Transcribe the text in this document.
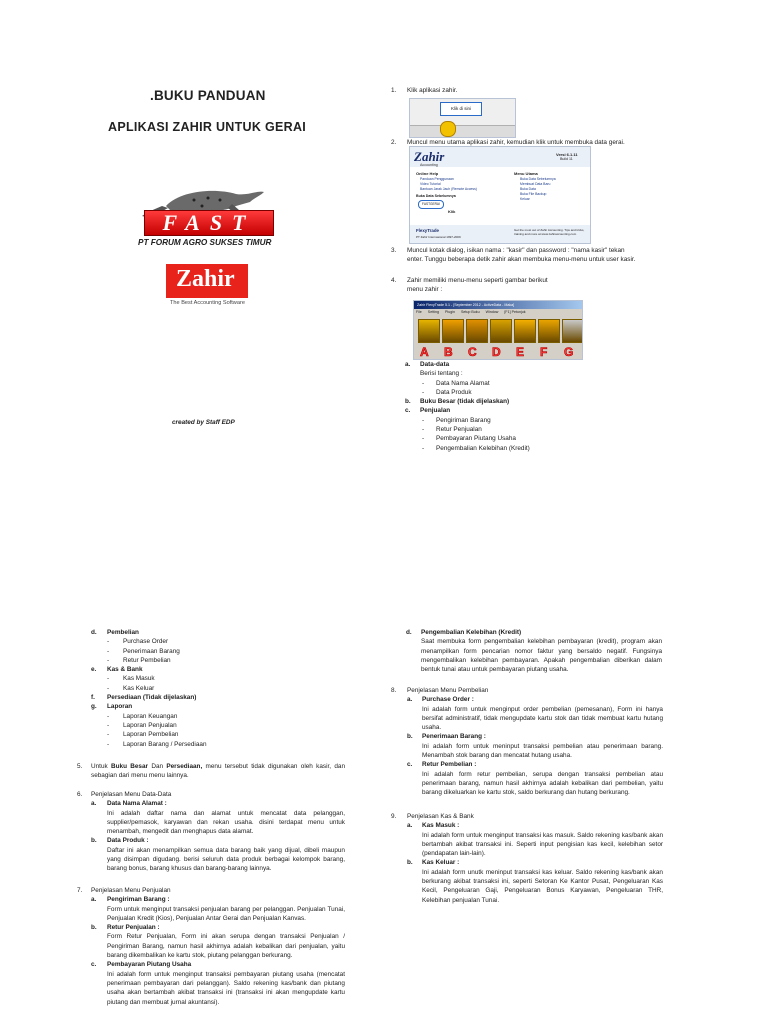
.BUKU PANDUAN
APLIKASI ZAHIR UNTUK GERAI
FAST
PT FORUM AGRO SUKSES TIMUR
Zahir
The Best Accounting Software
created by Staff EDP
1. Klik aplikasi zahir.
Klik di sini
2. Muncul menu utama aplikasi zahir, kemudian klik untuk membuka data gerai.
Zahir
Accounting
Versi 6.1.11
Build 11
Online Help
Panduan Penggunaan
Video Tutorial
Bantuan Jarak Jauh (Remote Access)
Buka Data Sebelumnya
FASTGERAI
Klik
Menu Utama
Buka Data Sebelumnya
Membuat Data Baru
Buka Data
Buka File Backup
Keluar
FlexyTrade
PT Zahir Internasional 1997-2009
Get the most out of Zahir Accounting. Tips and tricks, training and more at www.zahiraccounting.com
3. Muncul kotak dialog, isikan nama : "kasir" dan password : "nama kasir" tekan enter. Tunggu beberapa detik zahir akan membuka menu-menu untuk user kasir.
4. Zahir memiliki menu-menu seperti gambar berikut
menu zahir :
Zahir FlexyTrade 5.1 - [September 2012 - ActiveData - Maka]
File Setting Plugin Setup Buku Window [F1] Petunjuk
A B C D E F G
a. Data-data
Berisi tentang :
- Data Nama Alamat
- Data Produk
b. Buku Besar (tidak dijelaskan)
c. Penjualan
- Pengiriman Barang
- Retur Penjualan
- Pembayaran Piutang Usaha
- Pengembalian Kelebihan (Kredit)
d. Pembelian
- Purchase Order
- Penerimaan Barang
- Retur Pembelian
e. Kas & Bank
- Kas Masuk
- Kas Keluar
f. Persediaan (Tidak dijelaskan)
g. Laporan
- Laporan Keuangan
- Laporan Penjualan
- Laporan Pembelian
- Laporan Barang / Persediaan
5. Untuk Buku Besar Dan Persediaan, menu tersebut tidak digunakan oleh kasir, dan sebagian dari menu menu lainnya.
6. Penjelasan Menu Data-Data
a. Data Nama Alamat :
Ini adalah daftar nama dan alamat untuk mencatat data pelanggan, supplier/pemasok, karyawan dan rekan usaha. disini terdapat menu untuk menambah, mengedit dan menghapus data alamat.
b. Data Produk :
Daftar ini akan menampilkan semua data barang baik yang dijual, dibeli maupun yang disimpan digudang. berisi seluruh data produk berbagai kelompok barang, barang bonus, barang khusus dan barang-barang lainnya.
7. Penjelasan Menu Penjualan
a. Pengiriman Barang :
Form untuk menginput transaksi penjualan barang per pelanggan. Penjualan Tunai, Penjualan Kredit (Kios), Penjualan Antar Gerai dan Penjualan Kanvas.
b. Retur Penjualan :
Form Retur Penjualan, Form ini akan serupa dengan transaksi Penjualan / Pengiriman Barang, namun hasil akhirnya adalah kebalikan dari penjualan, yaitu barang dikembalikan ke kartu stok, piutang pelanggan berkurang.
c. Pembayaran Piutang Usaha
Ini adalah form untuk menginput transaksi pembayaran piutang usaha (mencatat penerimaan pembayaran dari pelanggan). Saldo rekening kas/bank dan piutang usaha akan bertambah akibat transaksi ini (transaksi ini akan mengupdate kartu piutang dan membuat jurnal akuntansi).
d. Pengembalian Kelebihan (Kredit)
Saat membuka form pengembalian kelebihan pembayaran (kredit), program akan menampilkan form pencarian nomor faktur yang bersaldo negatif. Fungsinya mengembalikan kelebihan pembayaran. Apakah pengembalian diberikan dalam bentuk tunai atau untuk pembayaran piutang usaha.
8. Penjelasan Menu Pembelian
a. Purchase Order :
Ini adalah form untuk menginput order pembelian (pemesanan), Form ini hanya bersifat administratif, tidak mengupdate kartu stok dan tidak membuat kartu hutang usaha.
b. Penerimaan Barang :
Ini adalah form untuk meninput transaksi pembelian atau penerimaan barang. Menambah stok barang dan mencatat hutang usaha.
c. Retur Pembelian :
Ini adalah form retur pembelian, serupa dengan transaksi pembelian atau penerimaan barang, namun hasil akhirnya adalah kebalikan dari pembelian, yaitu barang dikeluarkan ke kartu stok, saldo berkurang dan hutang berkurang.
9. Penjelasan Kas & Bank
a. Kas Masuk :
Ini adalah form untuk menginput transaksi kas masuk. Saldo rekening kas/bank akan bertambah akibat transaksi ini. Seperti input pengisian kas kecil, kelebihan setor (pendapatan lain-lain).
b. Kas Keluar :
Ini adalah form unutk meninput transaksi kas keluar. Saldo rekening kas/bank akan berkurang akibat transaksi ini, seperti Setoran Ke Kantor Pusat, Pengeluaran Kas Kecil, Pengeluaran Gaji, Pengeluaran Bonus Karyawan, Pengeluaran THR, Kelebihan penjualan Tunai.
